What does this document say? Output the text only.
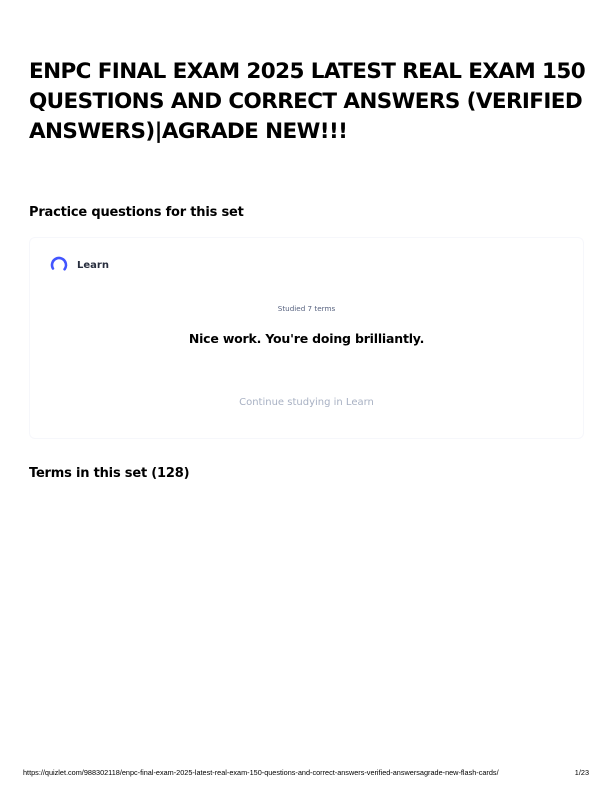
ENPC FINAL EXAM 2025 LATEST REAL EXAM 150 QUESTIONS AND CORRECT ANSWERS (VERIFIED ANSWERS)|AGRADE NEW!!!
Practice questions for this set
Learn
Studied 7 terms
Nice work. You're doing brilliantly.
Continue studying in Learn
Terms in this set (128)
https://quizlet.com/988302118/enpc-final-exam-2025-latest-real-exam-150-questions-and-correct-answers-verified-answersagrade-new-flash-cards/	1/23
